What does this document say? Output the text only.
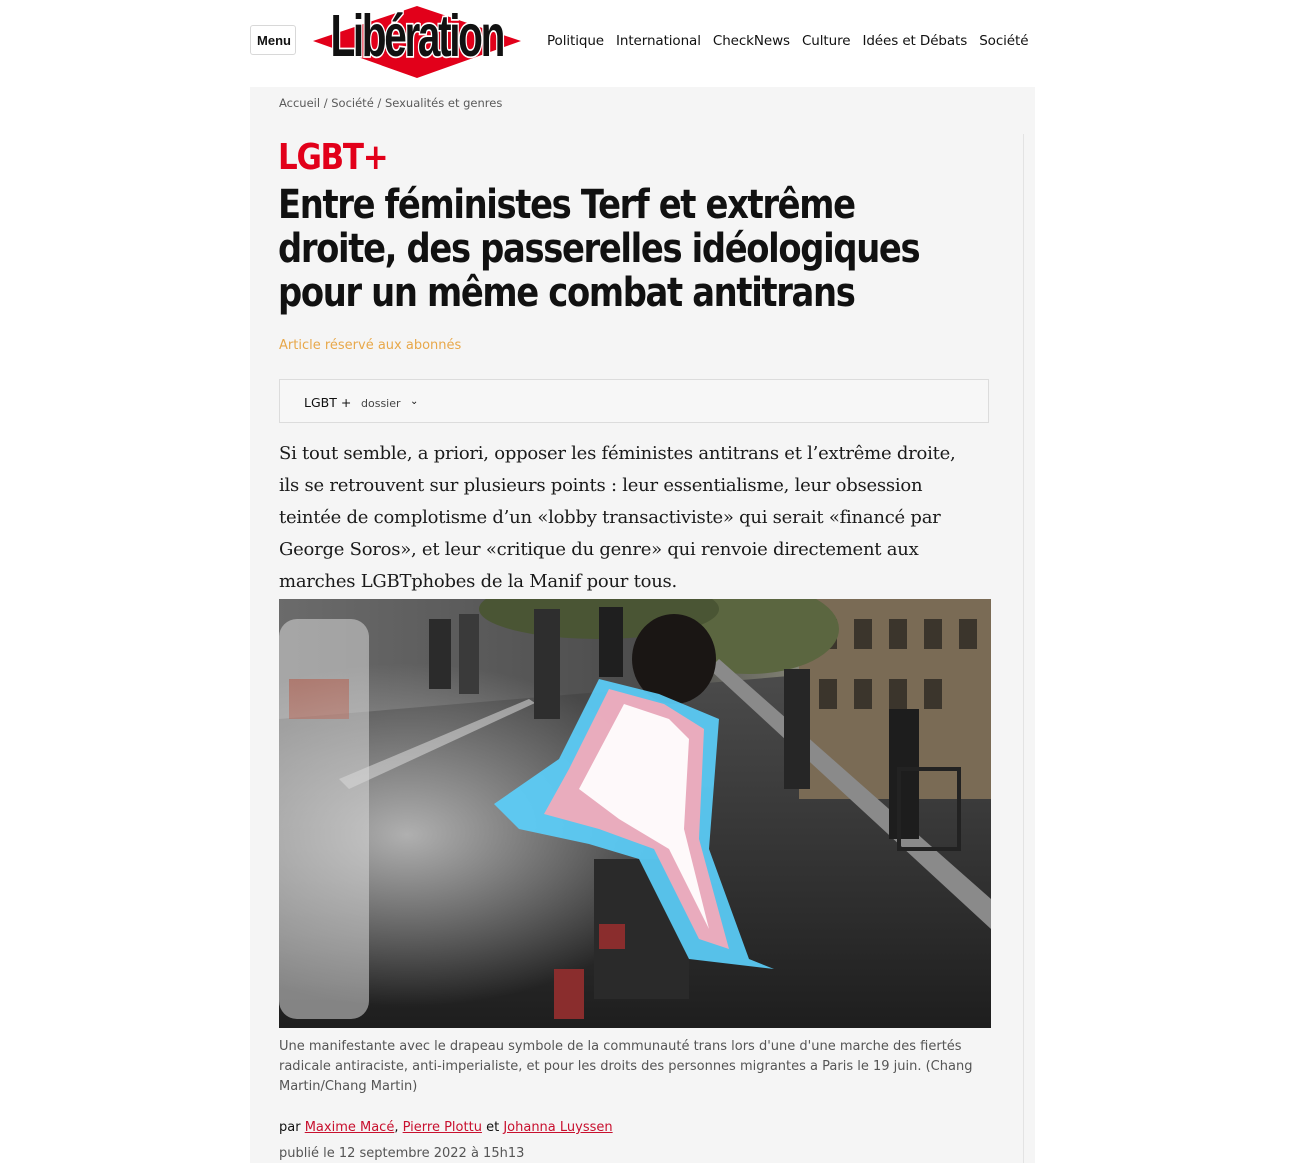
Menu Libération	Politique International CheckNews Culture Idées et Débats Société
Accueil / Société / Sexualités et genres
LGBT+
Entre féministes Terf et extrême droite, des passerelles idéologiques pour un même combat antitrans
Article réservé aux abonnés
LGBT + dossier ⌄

Si tout semble, a priori, opposer les féministes antitrans et l’extrême droite, ils se retrouvent sur plusieurs points : leur essentialisme, leur obsession teintée de complotisme d’un «lobby transactiviste» qui serait «financé par George Soros», et leur «critique du genre» qui renvoie directement aux marches LGBTphobes de la Manif pour tous.

Une manifestante avec le drapeau symbole de la communauté trans lors d'une d'une marche des fiertés radicale antiraciste, anti-imperialiste, et pour les droits des personnes migrantes a Paris le 19 juin. (Chang Martin/Chang Martin)

par Maxime Macé, Pierre Plottu et Johanna Luyssen
publié le 12 septembre 2022 à 15h13
